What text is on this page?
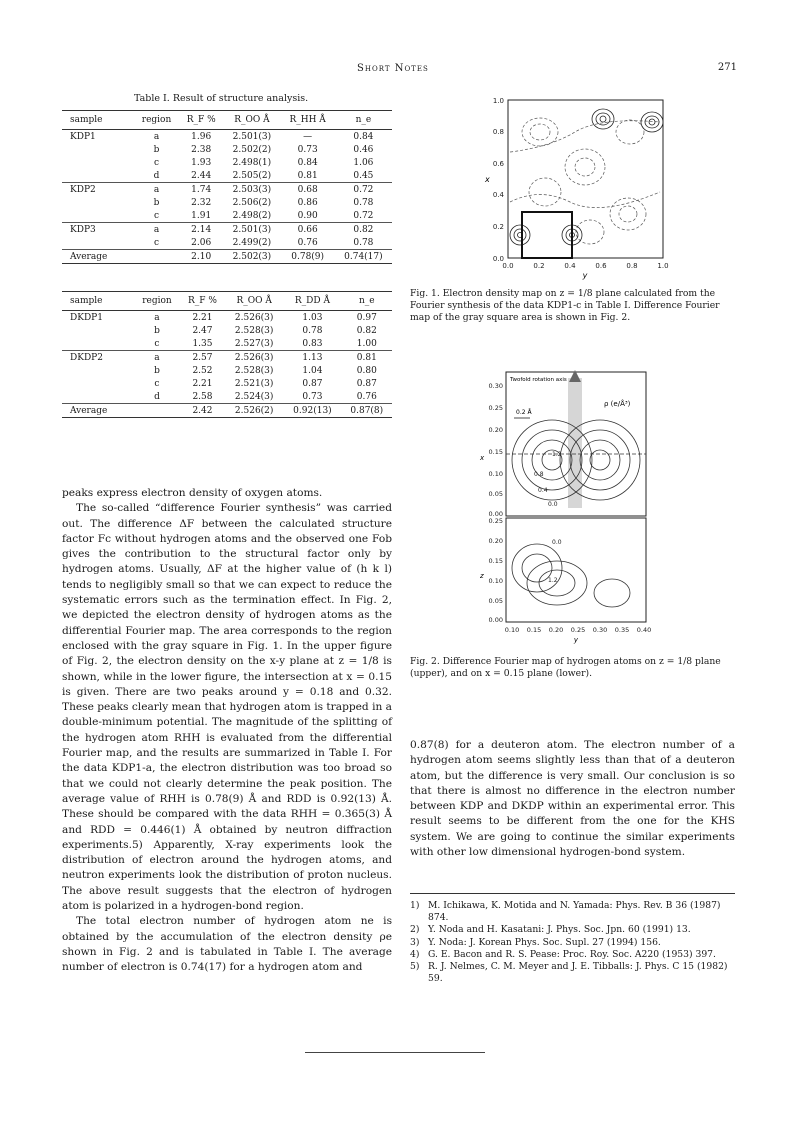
Short Notes	271
Table I. Result of structure analysis.
sample	region	R_F %	R_OO Å	R_HH Å	n_e
KDP1	a	1.96	2.501(3)	—	0.84
	b	2.38	2.502(2)	0.73	0.46
	c	1.93	2.498(1)	0.84	1.06
	d	2.44	2.505(2)	0.81	0.45
KDP2	a	1.74	2.503(3)	0.68	0.72
	b	2.32	2.506(2)	0.86	0.78
	c	1.91	2.498(2)	0.90	0.72
KDP3	a	2.14	2.501(3)	0.66	0.82
	c	2.06	2.499(2)	0.76	0.78
Average		2.10	2.502(3)	0.78(9)	0.74(17)
sample	region	R_F %	R_OO Å	R_DD Å	n_e
DKDP1	a	2.21	2.526(3)	1.03	0.97
	b	2.47	2.528(3)	0.78	0.82
	c	1.35	2.527(3)	0.83	1.00
DKDP2	a	2.57	2.526(3)	1.13	0.81
	b	2.52	2.528(3)	1.04	0.80
	c	2.21	2.521(3)	0.87	0.87
	d	2.58	2.524(3)	0.73	0.76
Average		2.42	2.526(2)	0.92(13)	0.87(8)

peaks express electron density of oxygen atoms.

The so-called “difference Fourier synthesis” was carried out. The difference ΔF between the calculated structure factor Fc without hydrogen atoms and the observed one Fob gives the contribution to the structural factor only by hydrogen atoms. Usually, ΔF at the higher value of (h k l) tends to negligibly small so that we can expect to reduce the systematic errors such as the termination effect. In Fig. 2, we depicted the electron density of hydrogen atoms as the differential Fourier map. The area corresponds to the region enclosed with the gray square in Fig. 1. In the upper figure of Fig. 2, the electron density on the x-y plane at z = 1/8 is shown, while in the lower figure, the intersection at x = 0.15 is given. There are two peaks around y = 0.18 and 0.32. These peaks clearly mean that hydrogen atom is trapped in a double-minimum potential. The magnitude of the splitting of the hydrogen atom RHH is evaluated from the differential Fourier map, and the results are summarized in Table I. For the data KDP1-a, the electron distribution was too broad so that we could not clearly determine the peak position. The average value of RHH is 0.78(9) Å and RDD is 0.92(13) Å. These should be compared with the data RHH = 0.365(3) Å and RDD = 0.446(1) Å obtained by neutron diffraction experiments.5) Apparently, X-ray experiments look the distribution of electron around the hydrogen atoms, and neutron experiments look the distribution of proton nucleus. The above result suggests that the electron of hydrogen atom is polarized in a hydrogen-bond region.

The total electron number of hydrogen atom ne is obtained by the accumulation of the electron density ρe shown in Fig. 2 and is tabulated in Table I. The average number of electron is 0.74(17) for a hydrogen atom and

1.0
0.8
0.6
0.4
0.2
0.0
0.0	0.2	0.4	0.6	0.8	1.0
y
x
Fig. 1. Electron density map on z = 1/8 plane calculated from the Fourier synthesis of the data KDP1-c in Table I. Difference Fourier map of the gray square area is shown in Fig. 2.
0.30
0.25
0.20
0.15
0.10
0.05
0.00
0.25
0.20
0.15
0.10
0.05
0.00
0.10 0.15 0.20 0.25 0.30 0.35 0.40
y
x
z
Twofold rotation axis
0.2 Å
ρ (e/Å³)
1.2
0.8
0.4
0.0
0.0
1.2
Fig. 2. Difference Fourier map of hydrogen atoms on z = 1/8 plane (upper), and on x = 0.15 plane (lower).
0.87(8) for a deuteron atom. The electron number of a hydrogen atom seems slightly less than that of a deuteron atom, but the difference is very small. Our conclusion is so that there is almost no difference in the electron number between KDP and DKDP within an experimental error. This result seems to be different from the one for the KHS system. We are going to continue the similar experiments with other low dimensional hydrogen-bond system.
1) M. Ichikawa, K. Motida and N. Yamada: Phys. Rev. B 36 (1987) 874.
2) Y. Noda and H. Kasatani: J. Phys. Soc. Jpn. 60 (1991) 13.
3) Y. Noda: J. Korean Phys. Soc. Supl. 27 (1994) 156.
4) G. E. Bacon and R. S. Pease: Proc. Roy. Soc. A220 (1953) 397.
5) R. J. Nelmes, C. M. Meyer and J. E. Tibballs: J. Phys. C 15 (1982) 59.
